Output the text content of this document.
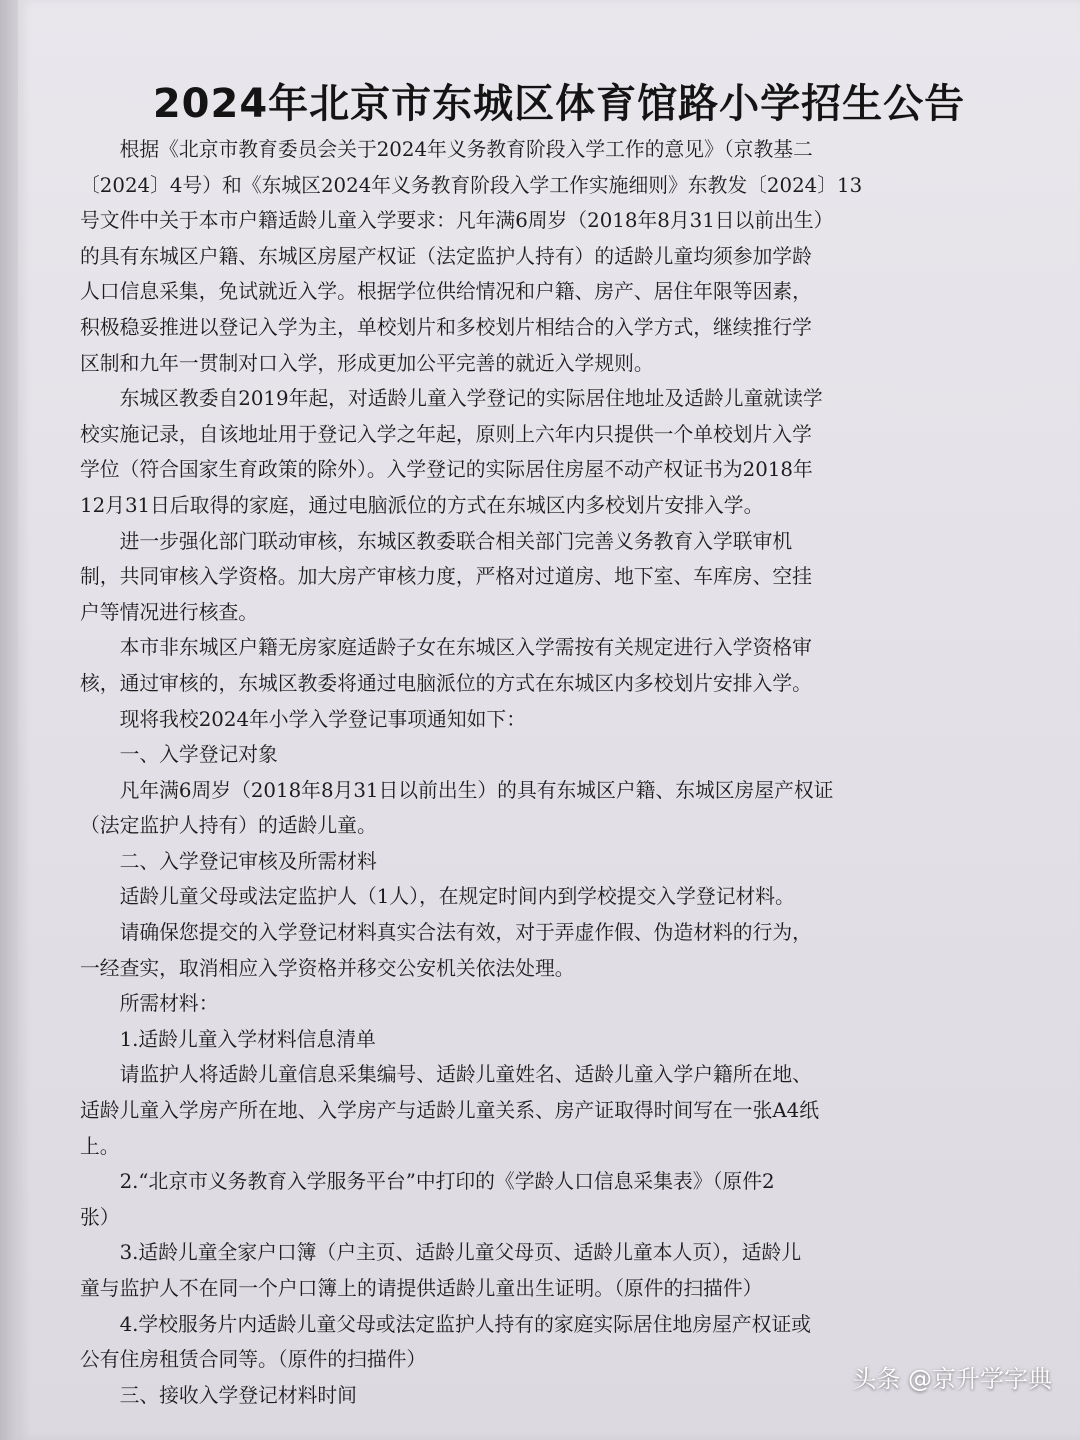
2024年北京市东城区体育馆路小学招生公告
　　根据《北京市教育委员会关于2024年义务教育阶段入学工作的意见》（京教基二
〔2024〕4号）和《东城区2024年义务教育阶段入学工作实施细则》东教发〔2024〕13
号文件中关于本市户籍适龄儿童入学要求：凡年满6周岁（2018年8月31日以前出生）
的具有东城区户籍、东城区房屋产权证（法定监护人持有）的适龄儿童均须参加学龄
人口信息采集，免试就近入学。根据学位供给情况和户籍、房产、居住年限等因素，
积极稳妥推进以登记入学为主，单校划片和多校划片相结合的入学方式，继续推行学
区制和九年一贯制对口入学，形成更加公平完善的就近入学规则。
　　东城区教委自2019年起，对适龄儿童入学登记的实际居住地址及适龄儿童就读学
校实施记录，自该地址用于登记入学之年起，原则上六年内只提供一个单校划片入学
学位（符合国家生育政策的除外）。入学登记的实际居住房屋不动产权证书为2018年
12月31日后取得的家庭，通过电脑派位的方式在东城区内多校划片安排入学。
　　进一步强化部门联动审核，东城区教委联合相关部门完善义务教育入学联审机
制，共同审核入学资格。加大房产审核力度，严格对过道房、地下室、车库房、空挂
户等情况进行核查。
　　本市非东城区户籍无房家庭适龄子女在东城区入学需按有关规定进行入学资格审
核，通过审核的，东城区教委将通过电脑派位的方式在东城区内多校划片安排入学。
　　现将我校2024年小学入学登记事项通知如下：
　　一、入学登记对象
　　凡年满6周岁（2018年8月31日以前出生）的具有东城区户籍、东城区房屋产权证
（法定监护人持有）的适龄儿童。
　　二、入学登记审核及所需材料
　　适龄儿童父母或法定监护人（1人），在规定时间内到学校提交入学登记材料。
　　请确保您提交的入学登记材料真实合法有效，对于弄虚作假、伪造材料的行为，
一经查实，取消相应入学资格并移交公安机关依法处理。
　　所需材料：
　　1.适龄儿童入学材料信息清单
　　请监护人将适龄儿童信息采集编号、适龄儿童姓名、适龄儿童入学户籍所在地、
适龄儿童入学房产所在地、入学房产与适龄儿童关系、房产证取得时间写在一张A4纸
上。
　　2.“北京市义务教育入学服务平台”中打印的《学龄人口信息采集表》（原件2
张）
　　3.适龄儿童全家户口簿（户主页、适龄儿童父母页、适龄儿童本人页），适龄儿
童与监护人不在同一个户口簿上的请提供适龄儿童出生证明。（原件的扫描件）
　　4.学校服务片内适龄儿童父母或法定监护人持有的家庭实际居住地房屋产权证或
公有住房租赁合同等。（原件的扫描件）
　　三、接收入学登记材料时间
头条 @京升学字典
